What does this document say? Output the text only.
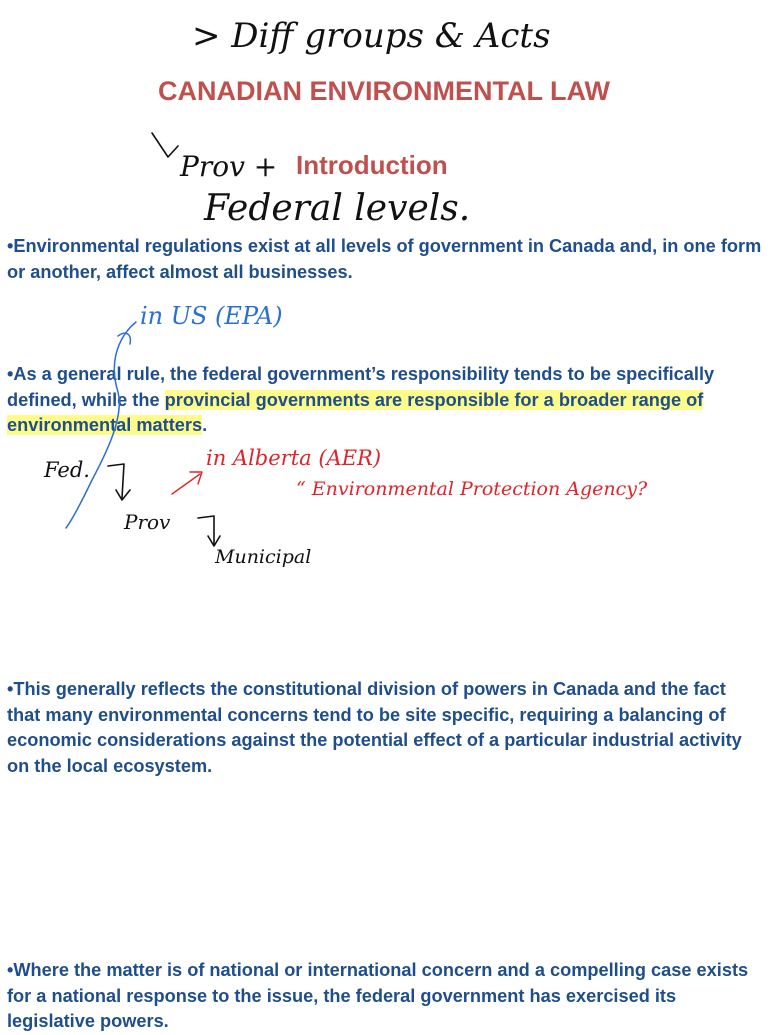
CANADIAN ENVIRONMENTAL LAW
Introduction

•Environmental regulations exist at all levels of government in Canada and, in one form or another, affect almost all businesses.

•As a general rule, the federal government’s responsibility tends to be specifically defined, while the provincial governments are responsible for a broader range of environmental matters.

•This generally reflects the constitutional division of powers in Canada and the fact that many environmental concerns tend to be site specific, requiring a balancing of economic considerations against the potential effect of a particular industrial activity on the local ecosystem.

•Where the matter is of national or international concern and a compelling case exists for a national response to the issue, the federal government has exercised its legislative powers.

> Diff groups & Acts
Prov +
Federal levels.
in US (EPA)
Fed.
Prov
Municipal
in Alberta (AER)
“ Environmental Protection Agency?
